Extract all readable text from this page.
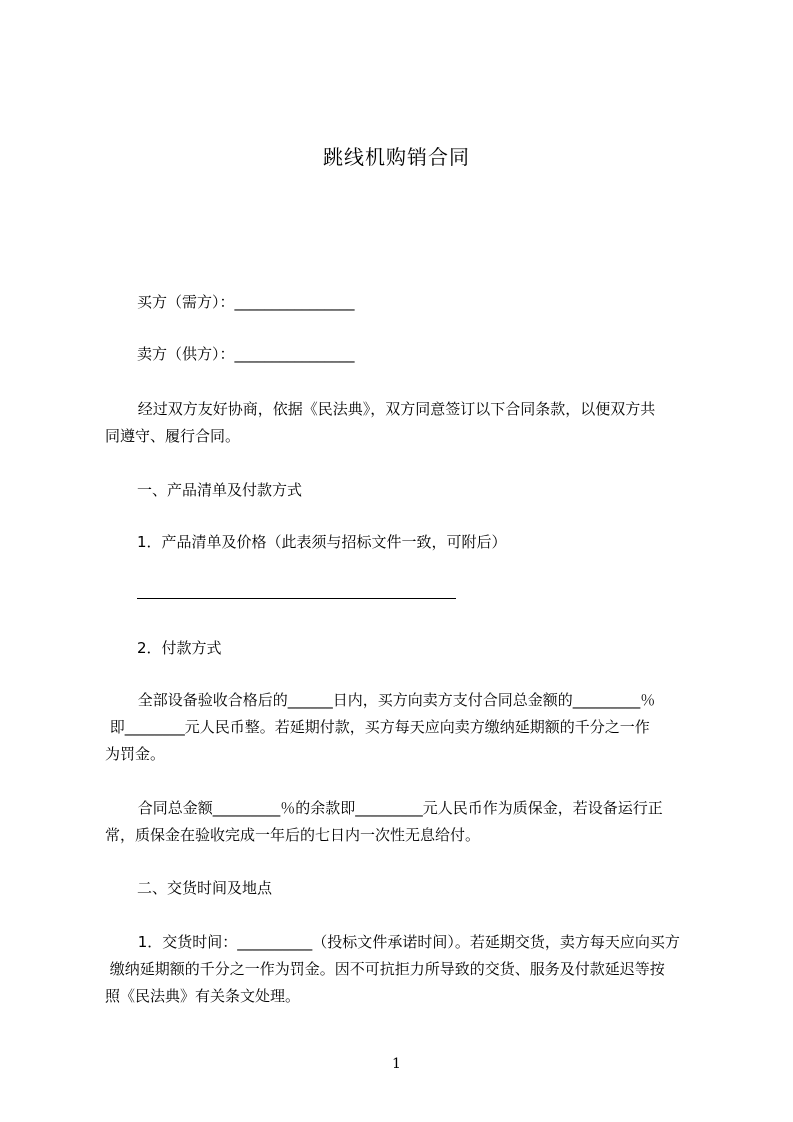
跳线机购销合同
买方（需方）：________________
卖方（供方）：________________
经过双方友好协商，依据《民法典》，双方同意签订以下合同条款，以便双方共
同遵守、履行合同。
一、产品清单及付款方式
1．产品清单及价格（此表须与招标文件一致，可附后）
2．付款方式
全部设备验收合格后的______日内，买方向卖方支付合同总金额的_________％
即________元人民币整。若延期付款，买方每天应向卖方缴纳延期额的千分之一作
为罚金。
合同总金额_________％的余款即_________元人民币作为质保金，若设备运行正
常，质保金在验收完成一年后的七日内一次性无息给付。
二、交货时间及地点
1．交货时间：__________（投标文件承诺时间）。若延期交货，卖方每天应向买方
缴纳延期额的千分之一作为罚金。因不可抗拒力所导致的交货、服务及付款延迟等按
照《民法典》有关条文处理。
1
